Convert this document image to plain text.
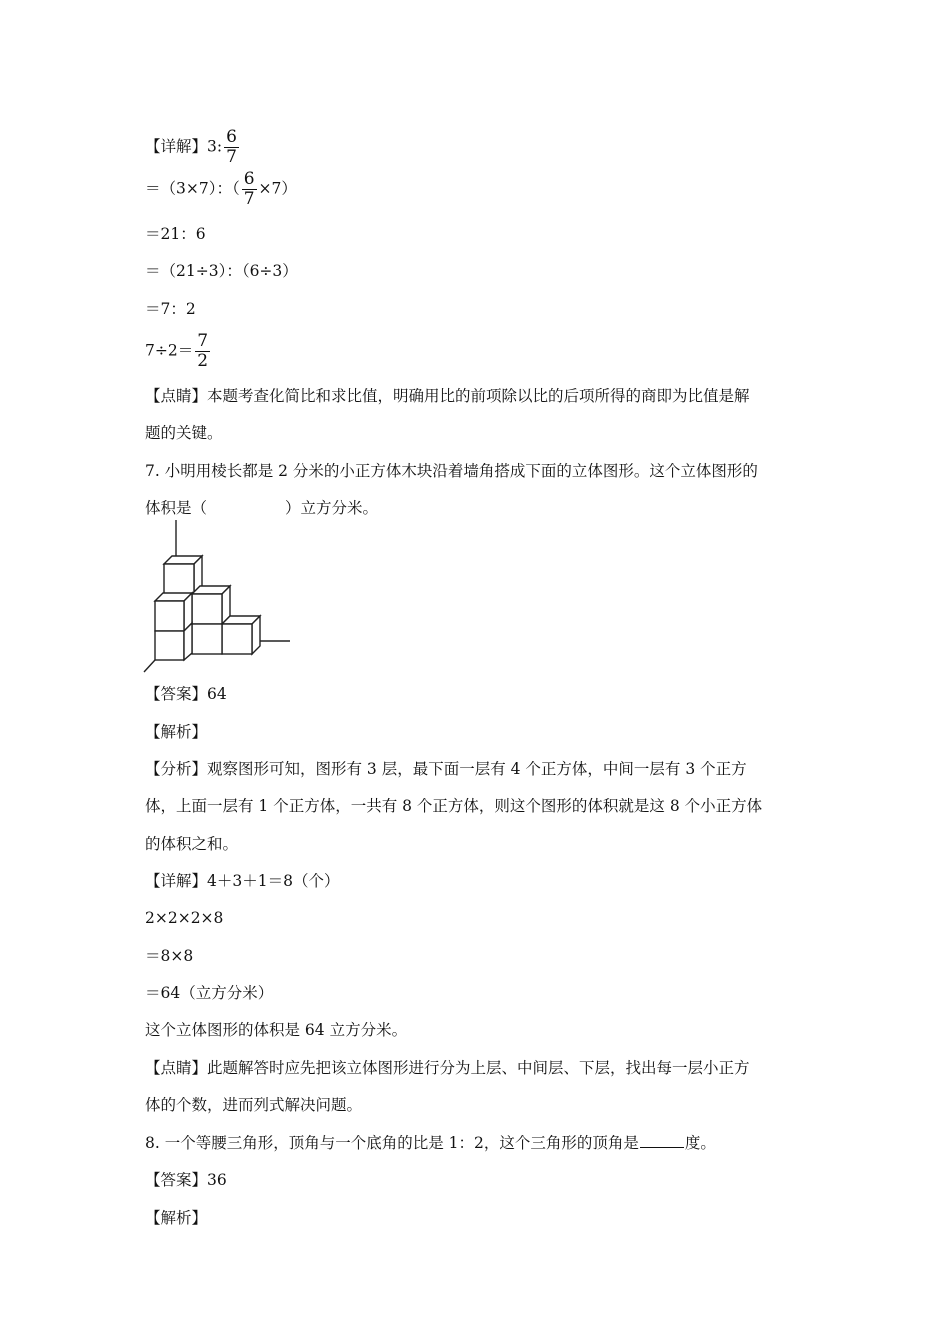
【详解】3: $\frac{6}{7}$
＝（3×7）：（ $\frac{6}{7} \times 7$）
＝21：6
＝（21÷3）：（6÷3）
＝7：2
$7\div 2= \frac{7}{2}$
【点睛】本题考查化简比和求比值，明确用比的前项除以比的后项所得的商即为比值是解
题的关键。
7. 小明用棱长都是 2 分米的小正方体木块沿着墙角搭成下面的立体图形。这个立体图形的
体积是（	）立方分米。
【答案】64
【解析】
【分析】观察图形可知，图形有 3 层，最下面一层有 4 个正方体，中间一层有 3 个正方
体，上面一层有 1 个正方体，一共有 8 个正方体，则这个图形的体积就是这 8 个小正方体
的体积之和。
【详解】4＋3＋1＝8（个）
2×2×2×8
＝8×8
＝64（立方分米）
这个立体图形的体积是 64 立方分米。
【点睛】此题解答时应先把该立体图形进行分为上层、中间层、下层，找出每一层小正方
体的个数，进而列式解决问题。
8. 一个等腰三角形，顶角与一个底角的比是 1：2，这个三角形的顶角是	度。
【答案】36
【解析】
